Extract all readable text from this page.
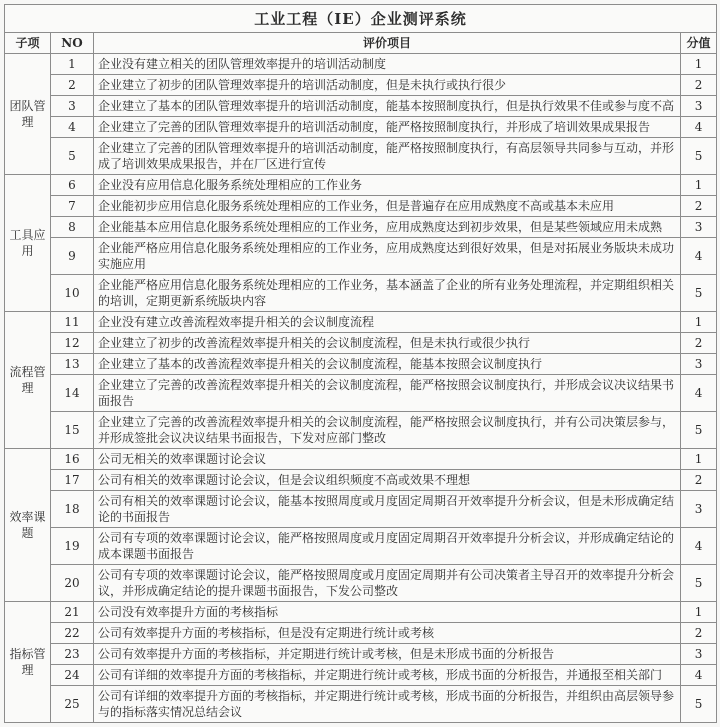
工业工程（IE）企业测评系统			
子项	NO	评价项目	分值
团队管理	1	企业没有建立相关的团队管理效率提升的培训活动制度	1
	2	企业建立了初步的团队管理效率提升的培训活动制度，但是未执行或执行很少	2
	3	企业建立了基本的团队管理效率提升的培训活动制度，能基本按照制度执行，但是执行效果不佳或参与度不高	3
	4	企业建立了完善的团队管理效率提升的培训活动制度，能严格按照制度执行，并形成了培训效果成果报告	4
	5	企业建立了完善的团队管理效率提升的培训活动制度，能严格按照制度执行，有高层领导共同参与互动，并形成了培训效果成果报告，并在厂区进行宣传	5
工具应用	6	企业没有应用信息化服务系统处理相应的工作业务	1
	7	企业能初步应用信息化服务系统处理相应的工作业务，但是普遍存在应用成熟度不高或基本未应用	2
	8	企业能基本应用信息化服务系统处理相应的工作业务，应用成熟度达到初步效果，但是某些领域应用未成熟	3
	9	企业能严格应用信息化服务系统处理相应的工作业务，应用成熟度达到很好效果，但是对拓展业务版块未成功实施应用	4
	10	企业能严格应用信息化服务系统处理相应的工作业务，基本涵盖了企业的所有业务处理流程，并定期组织相关的培训，定期更新系统版块内容	5
流程管理	11	企业没有建立改善流程效率提升相关的会议制度流程	1
	12	企业建立了初步的改善流程效率提升相关的会议制度流程，但是未执行或很少执行	2
	13	企业建立了基本的改善流程效率提升相关的会议制度流程，能基本按照会议制度执行	3
	14	企业建立了完善的改善流程效率提升相关的会议制度流程，能严格按照会议制度执行，并形成会议决议结果书面报告	4
	15	企业建立了完善的改善流程效率提升相关的会议制度流程，能严格按照会议制度执行，并有公司决策层参与，并形成签批会议决议结果书面报告，下发对应部门整改	5
效率课题	16	公司无相关的效率课题讨论会议	1
	17	公司有相关的效率课题讨论会议，但是会议组织频度不高或效果不理想	2
	18	公司有相关的效率课题讨论会议，能基本按照周度或月度固定周期召开效率提升分析会议，但是未形成确定结论的书面报告	3
	19	公司有专项的效率课题讨论会议，能严格按照周度或月度固定周期召开效率提升分析会议，并形成确定结论的成本课题书面报告	4
	20	公司有专项的效率课题讨论会议，能严格按照周度或月度固定周期并有公司决策者主导召开的效率提升分析会议，并形成确定结论的提升课题书面报告，下发公司整改	5
指标管理	21	公司没有效率提升方面的考核指标	1
	22	公司有效率提升方面的考核指标，但是没有定期进行统计或考核	2
	23	公司有效率提升方面的考核指标，并定期进行统计或考核，但是未形成书面的分析报告	3
	24	公司有详细的效率提升方面的考核指标，并定期进行统计或考核，形成书面的分析报告，并通报至相关部门	4
	25	公司有详细的效率提升方面的考核指标，并定期进行统计或考核，形成书面的分析报告，并组织由高层领导参与的指标落实情况总结会议	5
